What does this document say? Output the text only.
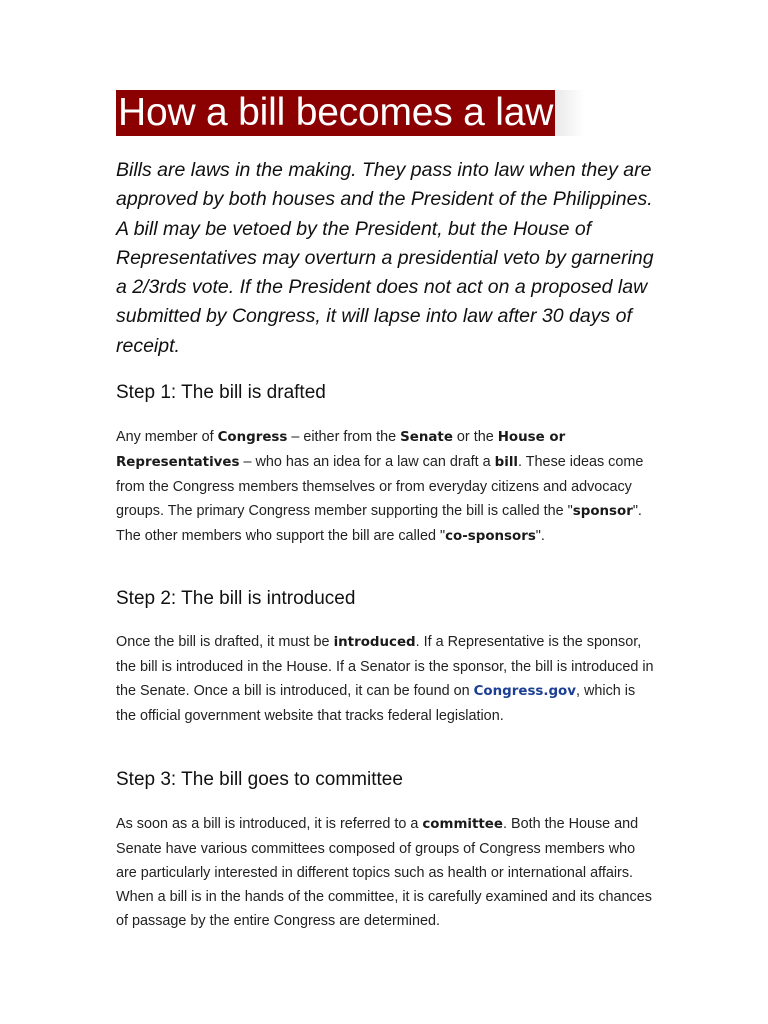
How a bill becomes a law

Bills are laws in the making. They pass into law when they are approved by both houses and the President of the Philippines. A bill may be vetoed by the President, but the House of Representatives may overturn a presidential veto by garnering a 2/3rds vote. If the President does not act on a proposed law submitted by Congress, it will lapse into law after 30 days of receipt.

Step 1: The bill is drafted

Any member of Congress – either from the Senate or the House or Representatives – who has an idea for a law can draft a bill. These ideas come from the Congress members themselves or from everyday citizens and advocacy groups. The primary Congress member supporting the bill is called the "sponsor". The other members who support the bill are called "co-sponsors".

Step 2: The bill is introduced

Once the bill is drafted, it must be introduced. If a Representative is the sponsor, the bill is introduced in the House. If a Senator is the sponsor, the bill is introduced in the Senate. Once a bill is introduced, it can be found on Congress.gov, which is the official government website that tracks federal legislation.

Step 3: The bill goes to committee

As soon as a bill is introduced, it is referred to a committee. Both the House and Senate have various committees composed of groups of Congress members who are particularly interested in different topics such as health or international affairs. When a bill is in the hands of the committee, it is carefully examined and its chances of passage by the entire Congress are determined.
